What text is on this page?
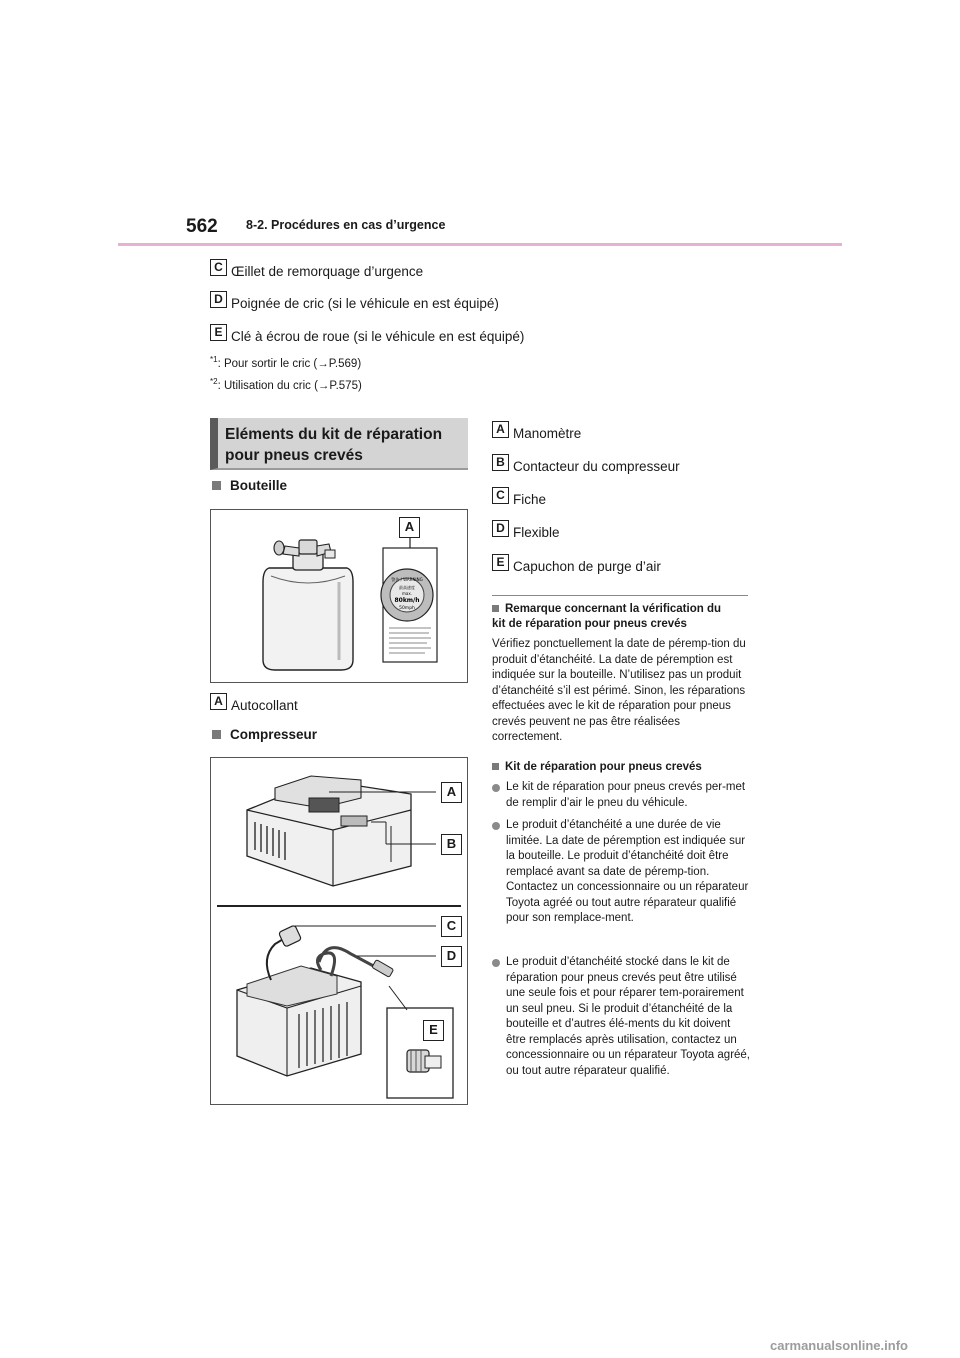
562 8-2. Procédures en cas d’urgence
C Œillet de remorquage d’urgence
D Poignée de cric (si le véhicule en est équipé)
E Clé à écrou de roue (si le véhicule en est équipé)
$^{*1}$: Pour sortir le cric (→P.569)
$^{*2}$: Utilisation du cric (→P.575)
Eléments du kit de réparation
pour pneus crevés
Bouteille
警告 / WARNING
最高速度
max.
80km/h
50mph
A
A Autocollant
Compresseur
A
B
C
D
E
A Manomètre
B Contacteur du compresseur
C Fiche
D Flexible
E Capuchon de purge d’air
Remarque concernant la vérification du
kit de réparation pour pneus crevés
Vérifiez ponctuellement la date de péremp-tion du produit d’étanchéité. La date de péremption est indiquée sur la bouteille. N’utilisez pas un produit d’étanchéité s’il est périmé. Sinon, les réparations effectuées avec le kit de réparation pour pneus crevés peuvent ne pas être réalisées correctement.
Kit de réparation pour pneus crevés
Le kit de réparation pour pneus crevés per-met de remplir d’air le pneu du véhicule.
Le produit d’étanchéité a une durée de vie limitée. La date de péremption est indiquée sur la bouteille. Le produit d’étanchéité doit être remplacé avant sa date de péremp-tion. Contactez un concessionnaire ou un réparateur Toyota agréé ou tout autre réparateur qualifié pour son remplace-ment.
Le produit d’étanchéité stocké dans le kit de réparation pour pneus crevés peut être utilisé une seule fois et pour réparer tem-porairement un seul pneu. Si le produit d’étanchéité de la bouteille et d’autres élé-ments du kit doivent être remplacés après utilisation, contactez un concessionnaire ou un réparateur Toyota agréé, ou tout autre réparateur qualifié.
carmanualsonline.info
